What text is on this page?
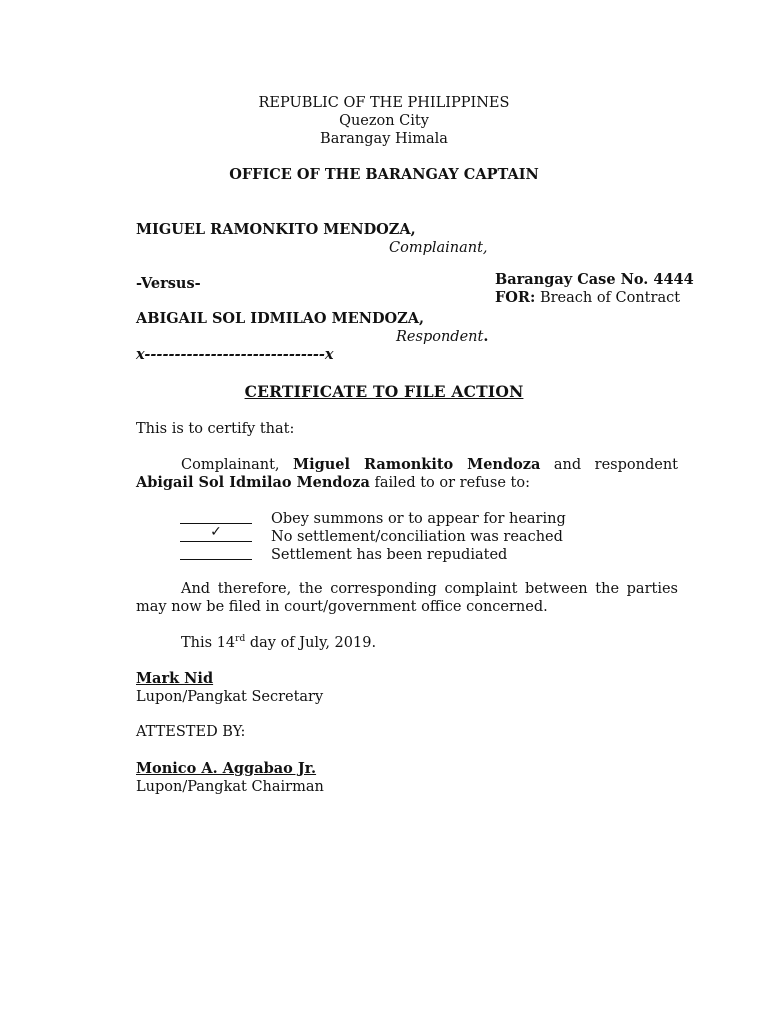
REPUBLIC OF THE PHILIPPINES
Quezon City
Barangay Himala
OFFICE OF THE BARANGAY CAPTAIN
MIGUEL RAMONKITO MENDOZA,
Complainant,
-Versus-	Barangay Case No. 4444
FOR: Breach of Contract
ABIGAIL SOL IDMILAO MENDOZA,
Respondent.
x------------------------------x
CERTIFICATE TO FILE ACTION
This is to certify that:
Complainant, Miguel Ramonkito Mendoza and respondent Abigail Sol Idmilao Mendoza failed to or refuse to:
Obey summons or to appear for hearing
✓	No settlement/conciliation was reached
Settlement has been repudiated
And therefore, the corresponding complaint between the parties may now be filed in court/government office concerned.
This 14rd day of July, 2019.
Mark Nid
Lupon/Pangkat Secretary
ATTESTED BY:
Monico A. Aggabao Jr.
Lupon/Pangkat Chairman
